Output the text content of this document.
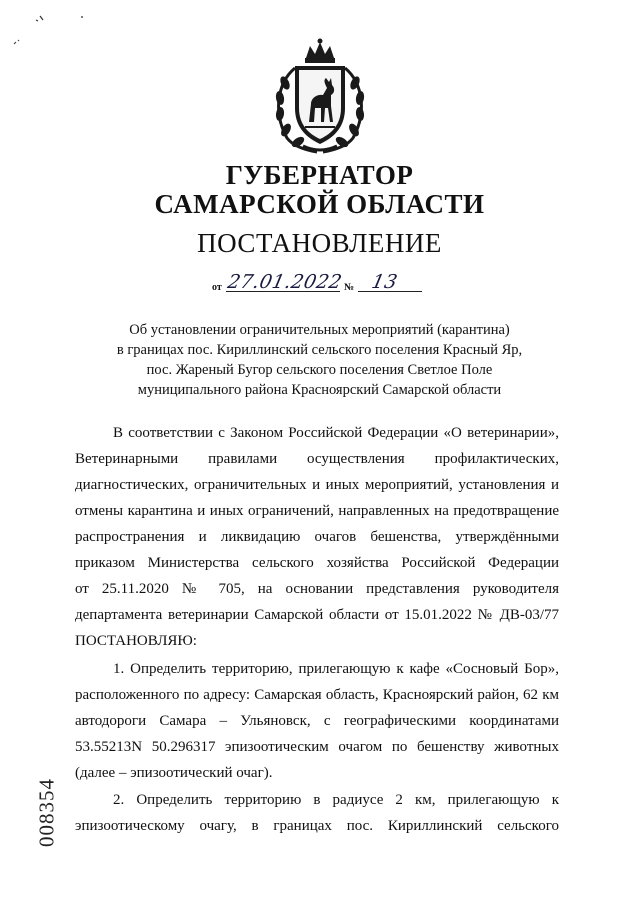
ГУБЕРНАТОР
САМАРСКОЙ ОБЛАСТИ
ПОСТАНОВЛЕНИЕ
от 27.01.2022 № 13
Об установлении ограничительных мероприятий (карантина)
в границах пос. Кириллинский сельского поселения Красный Яр,
пос. Жареный Бугор сельского поселения Светлое Поле
муниципального района Красноярский Самарской области

В соответствии с Законом Российской Федерации «О ветеринарии»,

Ветеринарными правилами осуществления профилактических,

диагностических, ограничительных и иных мероприятий, установления и

отмены карантина и иных ограничений, направленных на предотвращение

распространения и ликвидацию очагов бешенства, утверждёнными

приказом Министерства сельского хозяйства Российской Федерации

от 25.11.2020 № 705, на основании представления руководителя

департамента ветеринарии Самарской области от 15.01.2022 № ДВ-03/77

ПОСТАНОВЛЯЮ:

1. Определить территорию, прилегающую к кафе «Сосновый Бор»,

расположенного по адресу: Самарская область, Красноярский район, 62 км

автодороги Самара – Ульяновск, с географическими координатами

53.55213N 50.296317 эпизоотическим очагом по бешенству животных

(далее – эпизоотический очаг).

2. Определить территорию в радиусе 2 км, прилегающую к

эпизоотическому очагу, в границах пос. Кириллинский сельского

008354
